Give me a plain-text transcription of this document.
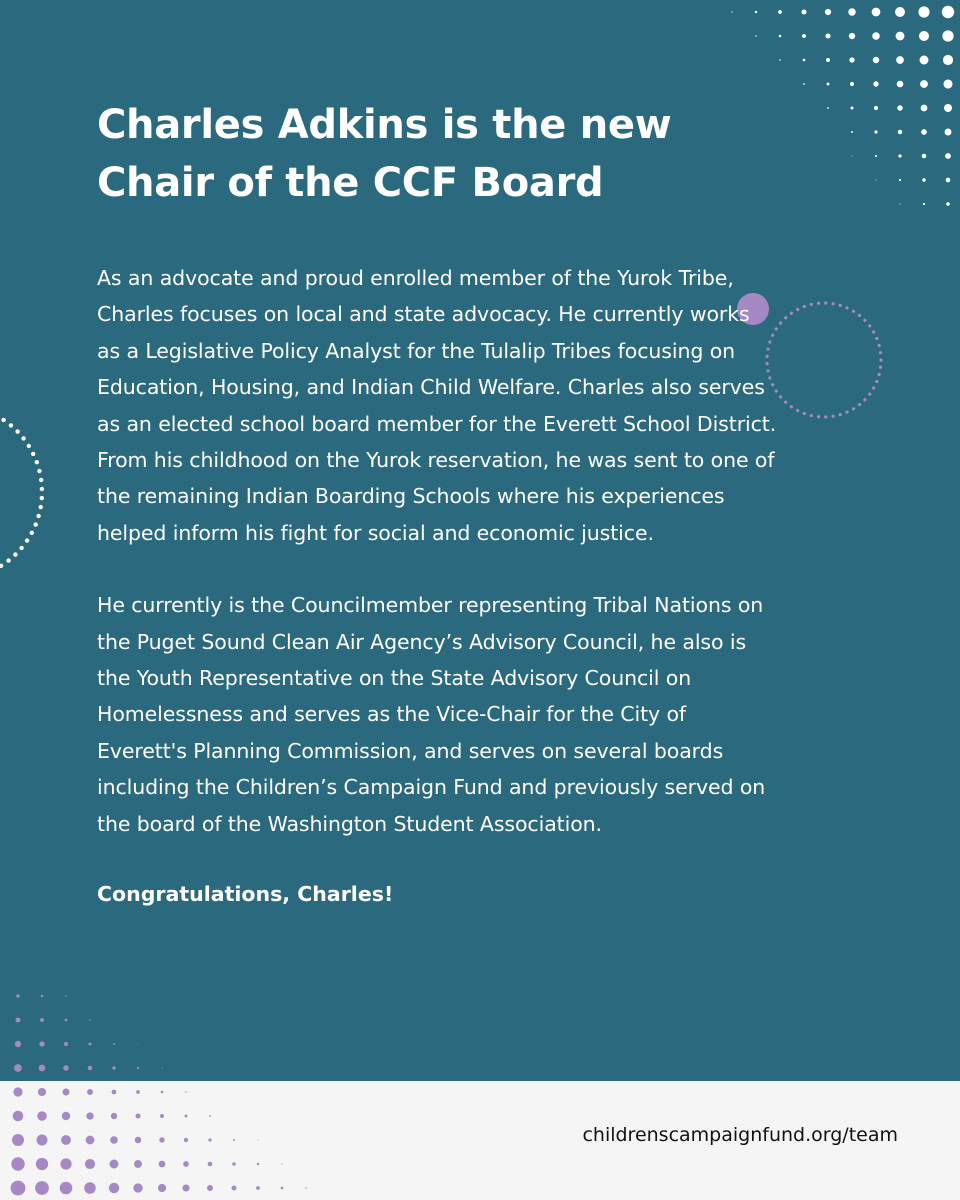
Charles Adkins is the new
Chair of the CCF Board

As an advocate and proud enrolled member of the Yurok Tribe, Charles focuses on local and state advocacy. He currently works as a Legislative Policy Analyst for the Tulalip Tribes focusing on Education, Housing, and Indian Child Welfare. Charles also serves as an elected school board member for the Everett School District. From his childhood on the Yurok reservation, he was sent to one of the remaining Indian Boarding Schools where his experiences helped inform his fight for social and economic justice.

He currently is the Councilmember representing Tribal Nations on the Puget Sound Clean Air Agency’s Advisory Council, he also is the Youth Representative on the State Advisory Council on Homelessness and serves as the Vice-Chair for the City of Everett's Planning Commission, and serves on several boards including the Children’s Campaign Fund and previously served on the board of the Washington Student Association.

Congratulations, Charles!

childrenscampaignfund.org/team
